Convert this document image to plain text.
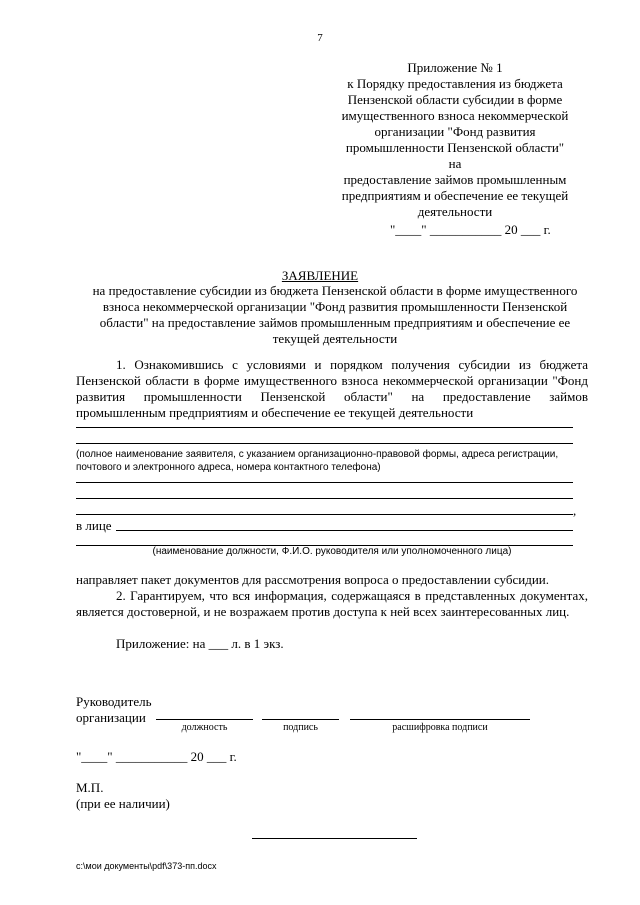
7
Приложение № 1
к Порядку предоставления из бюджета
Пензенской области субсидии в форме
имущественного взноса некоммерческой
организации "Фонд развития
промышленности Пензенской области" на
предоставление займов промышленным
предприятиям и обеспечение ее текущей
деятельности
"____" ___________ 20 ___ г.
ЗАЯВЛЕНИЕ
на предоставление субсидии из бюджета Пензенской области в форме имущественного взноса некоммерческой организации "Фонд развития промышленности Пензенской области" на предоставление займов промышленным предприятиям и обеспечение ее текущей деятельности
1. Ознакомившись с условиями и порядком получения субсидии из бюджета Пензенской области в форме имущественного взноса некоммерческой организации "Фонд развития промышленности Пензенской области" на предоставление займов промышленным предприятиям и обеспечение ее текущей деятельности
(полное наименование заявителя, с указанием организационно-правовой формы, адреса регистрации, почтового и электронного адреса, номера контактного телефона)
,
в лице
(наименование должности, Ф.И.О. руководителя или уполномоченного лица)
направляет пакет документов для рассмотрения вопроса о предоставлении субсидии.
2. Гарантируем, что вся информация, содержащаяся в представленных документах, является достоверной, и не возражаем против доступа к ней всех заинтересованных лиц.
Приложение: на ___ л. в 1 экз.
Руководитель
организации
должность	подпись	расшифровка подписи
"____" ___________ 20 ___ г.
М.П.
(при ее наличии)
c:\мои документы\pdf\373-пп.docx
